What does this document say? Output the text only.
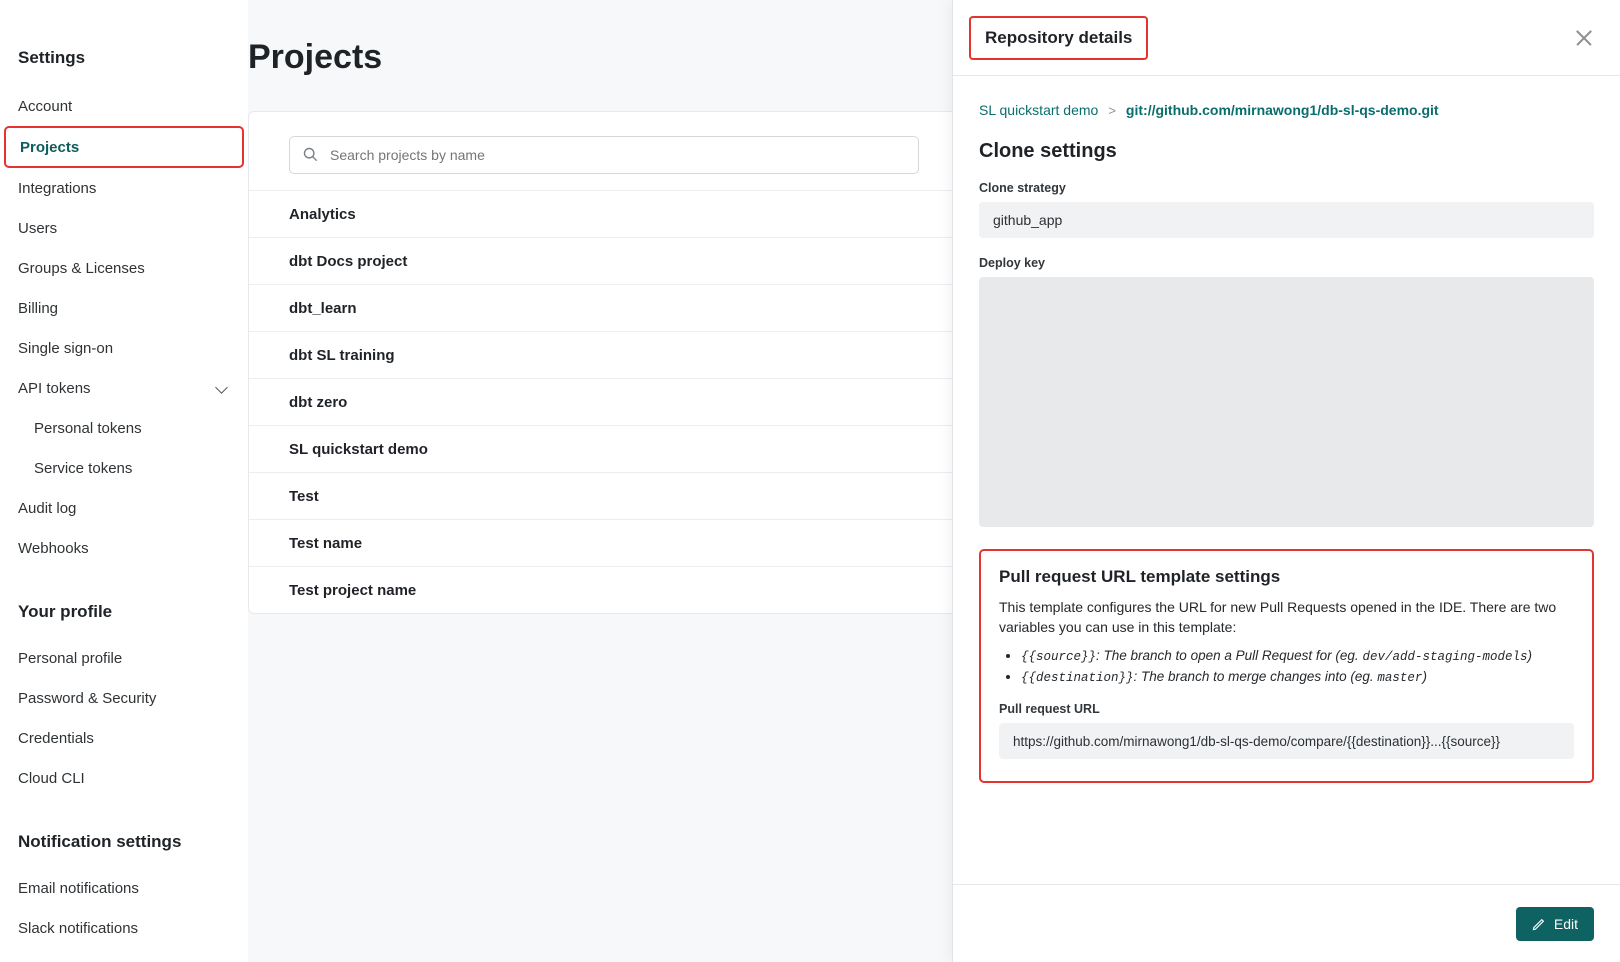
Settings
Account
Projects
Integrations
Users
Groups & Licenses
Billing
Single sign-on
API tokens
Personal tokens
Service tokens
Audit log
Webhooks
Your profile
Personal profile
Password & Security
Credentials
Cloud CLI
Notification settings
Email notifications
Slack notifications
Projects
Search projects by name
Analytics
dbt Docs project
dbt_learn
dbt SL training
dbt zero
SL quickstart demo
Test
Test name
Test project name
Repository details
SL quickstart demo > git://github.com/mirnawong1/db-sl-qs-demo.git
Clone settings
Clone strategy
github_app
Deploy key
Pull request URL template settings
This template configures the URL for new Pull Requests opened in the IDE. There are two variables you can use in this template:
• {{source}}: The branch to open a Pull Request for (eg. dev/add-staging-models)
• {{destination}}: The branch to merge changes into (eg. master)
Pull request URL
https://github.com/mirnawong1/db-sl-qs-demo/compare/{{destination}}...{{source}}
Edit
